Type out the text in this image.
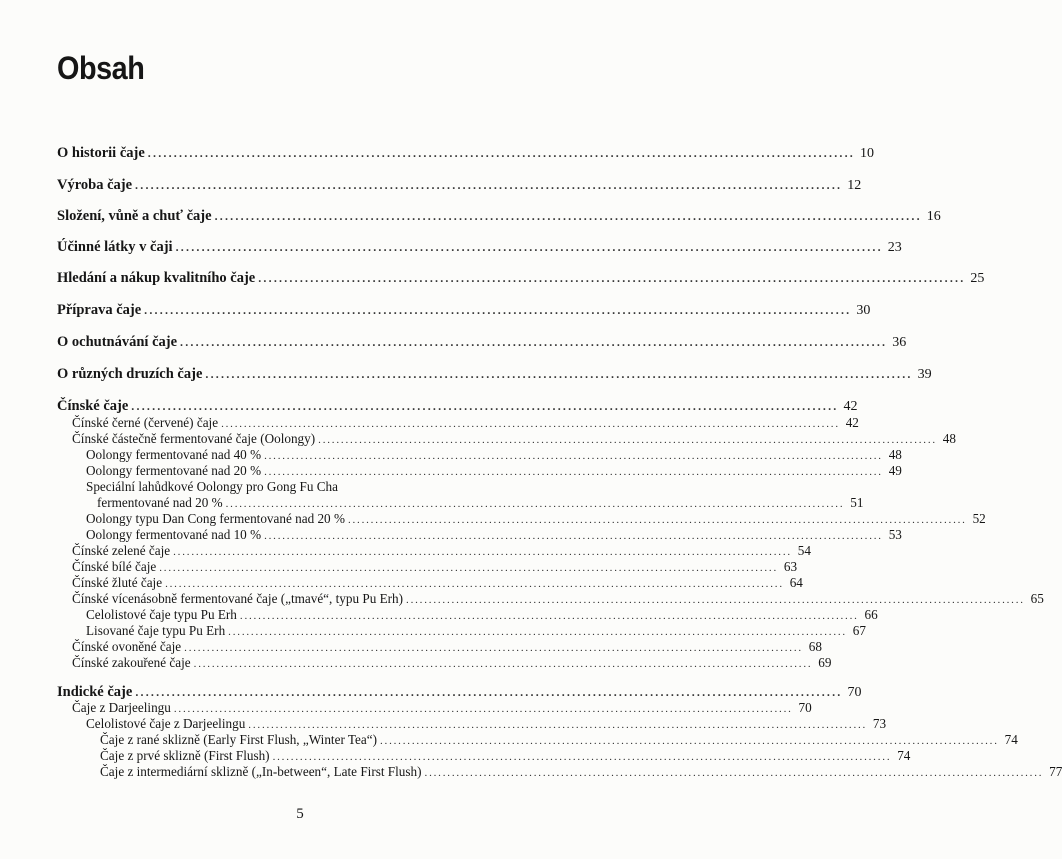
Obsah
O historii čaje ........................................................................................................................................ 10
Výroba čaje ........................................................................................................................................ 12
Složení, vůně a chuť čaje ........................................................................................................................................ 16
Účinné látky v čaji ........................................................................................................................................ 23
Hledání a nákup kvalitního čaje ........................................................................................................................................ 25
Příprava čaje ........................................................................................................................................ 30
O ochutnávání čaje ........................................................................................................................................ 36
O různých druzích čaje ........................................................................................................................................ 39
Čínské čaje ........................................................................................................................................ 42
Čínské černé (červené) čaje ........................................................................................................................................ 42
Čínské částečně fermentované čaje (Oolongy) ........................................................................................................................................ 48
Oolongy fermentované nad 40 % ........................................................................................................................................ 48
Oolongy fermentované nad 20 % ........................................................................................................................................ 49
Speciální lahůdkové Oolongy pro Gong Fu Cha
fermentované nad 20 % ........................................................................................................................................ 51
Oolongy typu Dan Cong fermentované nad 20 % ........................................................................................................................................ 52
Oolongy fermentované nad 10 % ........................................................................................................................................ 53
Čínské zelené čaje ........................................................................................................................................ 54
Čínské bílé čaje ........................................................................................................................................ 63
Čínské žluté čaje ........................................................................................................................................ 64
Čínské vícenásobně fermentované čaje („tmavé“, typu Pu Erh) ........................................................................................................................................ 65
Celolistové čaje typu Pu Erh ........................................................................................................................................ 66
Lisované čaje typu Pu Erh ........................................................................................................................................ 67
Čínské ovoněné čaje ........................................................................................................................................ 68
Čínské zakouřené čaje ........................................................................................................................................ 69
Indické čaje ........................................................................................................................................ 70
Čaje z Darjeelingu ........................................................................................................................................ 70
Celolistové čaje z Darjeelingu ........................................................................................................................................ 73
Čaje z rané sklizně (Early First Flush, „Winter Tea“) ........................................................................................................................................ 74
Čaje z prvé sklizně (First Flush) ........................................................................................................................................ 74
Čaje z intermediární sklizně („In-between“, Late First Flush) ........................................................................................................................................ 77
5
